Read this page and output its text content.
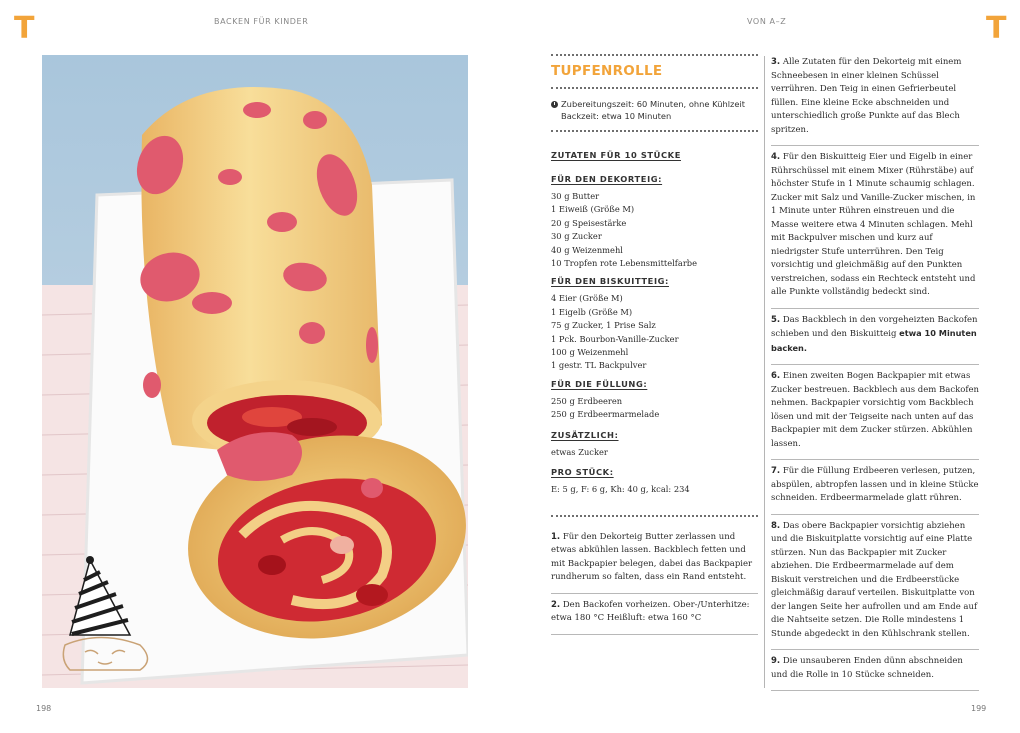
T	T
BACKEN FÜR KINDER	VON A–Z
TUPFENROLLE
Zubereitungszeit: 60 Minuten, ohne Kühlzeit
Backzeit: etwa 10 Minuten
ZUTATEN FÜR 10 STÜCKE
FÜR DEN DEKORTEIG:

30 g Butter

1 Eiweiß (Größe M)

20 g Speisestärke

30 g Zucker

40 g Weizenmehl

10 Tropfen rote Lebensmittelfarbe

FÜR DEN BISKUITTEIG:

4 Eier (Größe M)

1 Eigelb (Größe M)

75 g Zucker, 1 Prise Salz

1 Pck. Bourbon-Vanille-Zucker

100 g Weizenmehl

1 gestr. TL Backpulver

FÜR DIE FÜLLUNG:

250 g Erdbeeren

250 g Erdbeermarmelade

ZUSÄTZLICH:

etwas Zucker

PRO STÜCK:

E: 5 g, F: 6 g, Kh: 40 g, kcal: 234

1. Für den Dekorteig Butter zerlassen und etwas abkühlen lassen. Backblech fetten und mit Backpapier belegen, dabei das Backpapier rundherum so falten, dass ein Rand entsteht.
2. Den Backofen vorheizen. Ober-/Unterhitze: etwa 180 °C Heißluft: etwa 160 °C
3. Alle Zutaten für den Dekorteig mit einem Schneebesen in einer kleinen Schüssel verrühren. Den Teig in einen Gefrierbeutel füllen. Eine kleine Ecke abschneiden und unterschiedlich große Punkte auf das Blech spritzen.
4. Für den Biskuitteig Eier und Eigelb in einer Rührschüssel mit einem Mixer (Rührstäbe) auf höchster Stufe in 1 Minute schaumig schlagen. Zucker mit Salz und Vanille-Zucker mischen, in 1 Minute unter Rühren einstreuen und die Masse weitere etwa 4 Minuten schlagen. Mehl mit Backpulver mischen und kurz auf niedrigster Stufe unterrühren. Den Teig vorsichtig und gleichmäßig auf den Punkten verstreichen, sodass ein Rechteck entsteht und alle Punkte vollständig bedeckt sind.
5. Das Backblech in den vorgeheizten Backofen schieben und den Biskuitteig etwa 10 Minuten backen.
6. Einen zweiten Bogen Backpapier mit etwas Zucker bestreuen. Backblech aus dem Backofen nehmen. Backpapier vorsichtig vom Backblech lösen und mit der Teigseite nach unten auf das Backpapier mit dem Zucker stürzen. Abkühlen lassen.
7. Für die Füllung Erdbeeren verlesen, putzen, abspülen, abtropfen lassen und in kleine Stücke schneiden. Erdbeermarmelade glatt rühren.
8. Das obere Backpapier vorsichtig abziehen und die Biskuitplatte vorsichtig auf eine Platte stürzen. Nun das Backpapier mit Zucker abziehen. Die Erdbeermarmelade auf dem Biskuit verstreichen und die Erdbeerstücke gleichmäßig darauf verteilen. Biskuitplatte von der langen Seite her aufrollen und am Ende auf die Nahtseite setzen. Die Rolle mindestens 1 Stunde abgedeckt in den Kühlschrank stellen.
9. Die unsauberen Enden dünn abschneiden und die Rolle in 10 Stücke schneiden.
198	199
